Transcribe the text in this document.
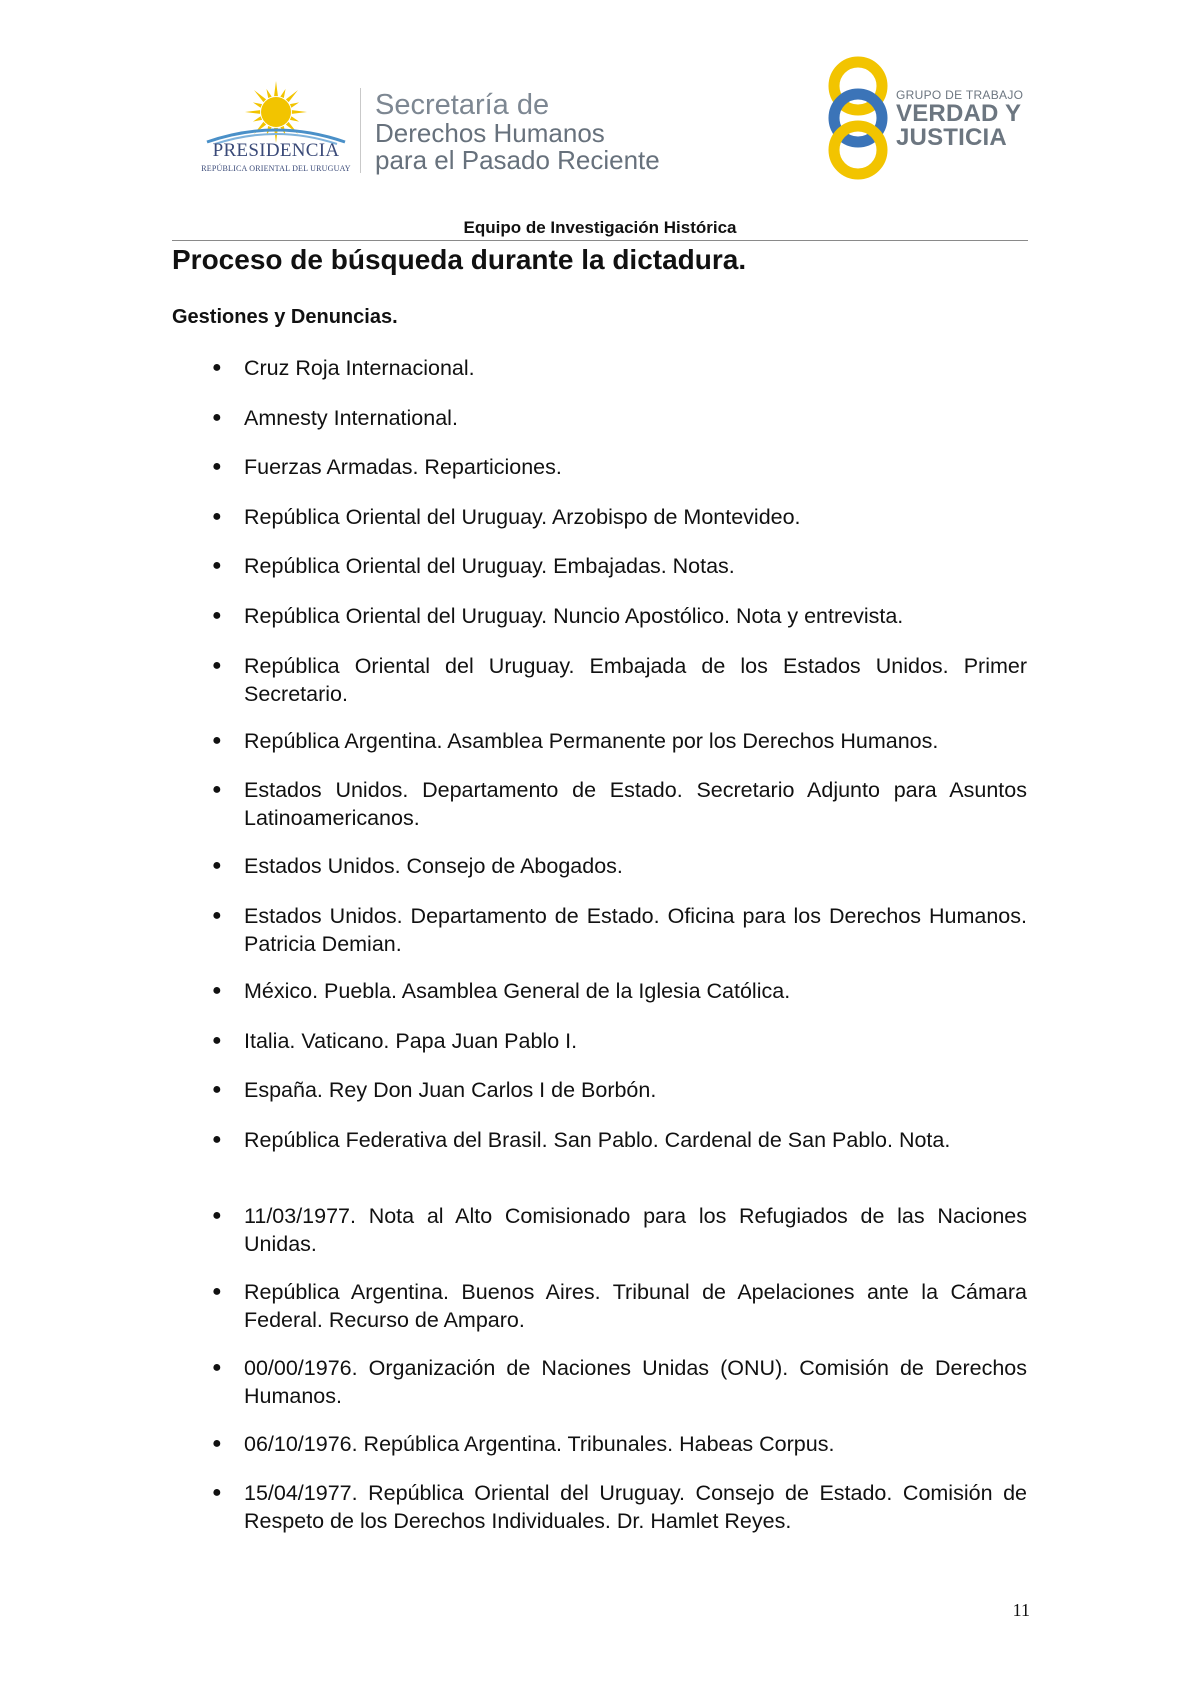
PRESIDENCIA
REPÚBLICA ORIENTAL DEL URUGUAY
Secretaría de
Derechos Humanos
para el Pasado Reciente
GRUPO DE TRABAJO
VERDAD Y
JUSTICIA
Equipo de Investigación Histórica
Proceso de búsqueda durante la dictadura.
Gestiones y Denuncias.
● Cruz Roja Internacional.
● Amnesty International.
● Fuerzas Armadas. Reparticiones.
● República Oriental del Uruguay. Arzobispo de Montevideo.
● República Oriental del Uruguay. Embajadas. Notas.
● República Oriental del Uruguay. Nuncio Apostólico. Nota y entrevista.
● República Oriental del Uruguay. Embajada de los Estados Unidos. Primer Secretario.
● República Argentina. Asamblea Permanente por los Derechos Humanos.
● Estados Unidos. Departamento de Estado. Secretario Adjunto para Asuntos Latinoamericanos.
● Estados Unidos. Consejo de Abogados.
● Estados Unidos. Departamento de Estado. Oficina para los Derechos Humanos. Patricia Demian.
● México. Puebla. Asamblea General de la Iglesia Católica.
● Italia. Vaticano. Papa Juan Pablo I.
● España. Rey Don Juan Carlos I de Borbón.
● República Federativa del Brasil. San Pablo. Cardenal de San Pablo. Nota.
● 11/03/1977. Nota al Alto Comisionado para los Refugiados de las Naciones Unidas.
● República Argentina. Buenos Aires. Tribunal de Apelaciones ante la Cámara Federal. Recurso de Amparo.
● 00/00/1976. Organización de Naciones Unidas (ONU). Comisión de Derechos Humanos.
● 06/10/1976. República Argentina. Tribunales. Habeas Corpus.
● 15/04/1977. República Oriental del Uruguay. Consejo de Estado. Comisión de Respeto de los Derechos Individuales. Dr. Hamlet Reyes.
11
